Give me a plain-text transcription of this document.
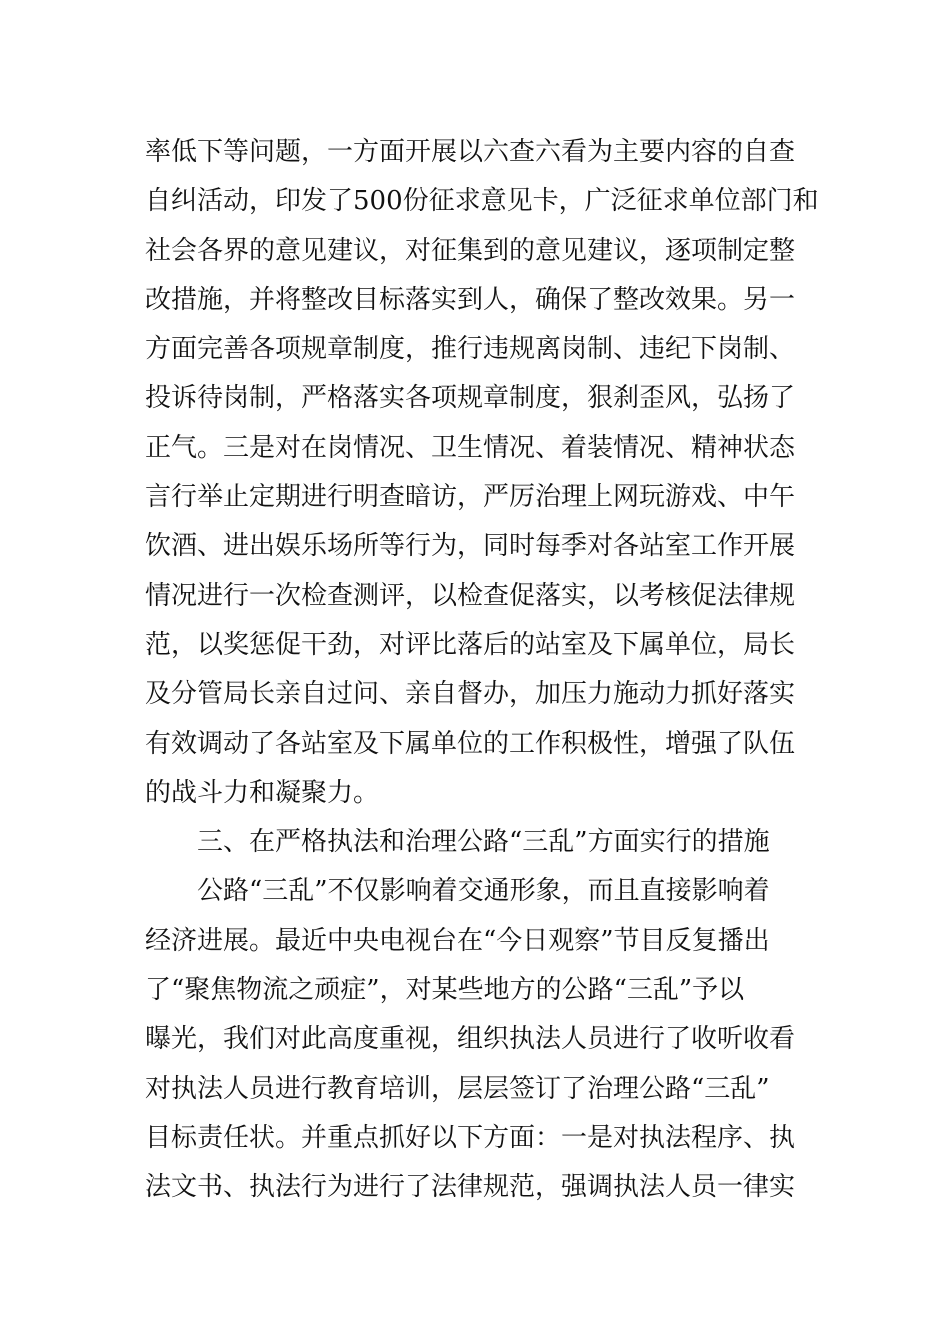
率低下等问题，一方面开展以六查六看为主要内容的自查
自纠活动，印发了500份征求意见卡，广泛征求单位部门和
社会各界的意见建议，对征集到的意见建议，逐项制定整
改措施，并将整改目标落实到人，确保了整改效果。另一
方面完善各项规章制度，推行违规离岗制、违纪下岗制、
投诉待岗制，严格落实各项规章制度，狠刹歪风，弘扬了
正气。三是对在岗情况、卫生情况、着装情况、精神状态
言行举止定期进行明查暗访，严厉治理上网玩游戏、中午
饮酒、进出娱乐场所等行为，同时每季对各站室工作开展
情况进行一次检查测评，以检查促落实，以考核促法律规
范，以奖惩促干劲，对评比落后的站室及下属单位，局长
及分管局长亲自过问、亲自督办，加压力施动力抓好落实
有效调动了各站室及下属单位的工作积极性，增强了队伍
的战斗力和凝聚力。
三、在严格执法和治理公路“三乱”方面实行的措施
公路“三乱”不仅影响着交通形象，而且直接影响着
经济进展。最近中央电视台在“今日观察”节目反复播出
了“聚焦物流之顽症”，对某些地方的公路“三乱”予以
曝光，我们对此高度重视，组织执法人员进行了收听收看
对执法人员进行教育培训，层层签订了治理公路“三乱”
目标责任状。并重点抓好以下方面：一是对执法程序、执
法文书、执法行为进行了法律规范，强调执法人员一律实
